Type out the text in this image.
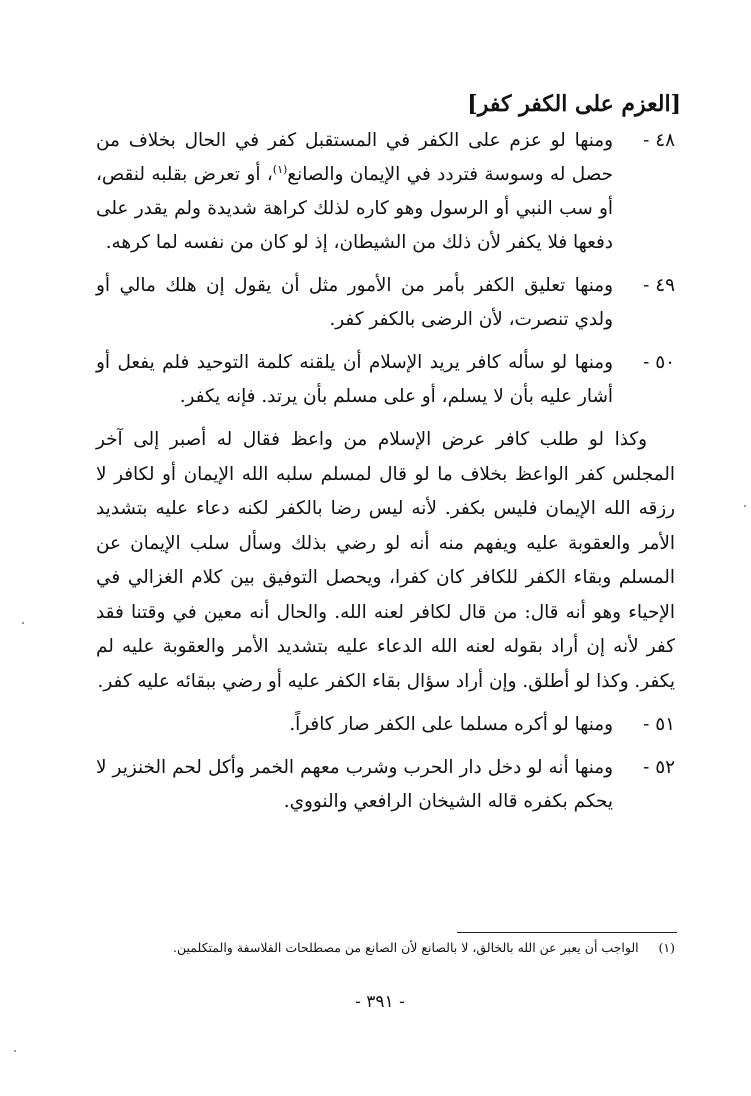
[العزم على الكفر كفر]
٤٨ -
ومنها لو عزم على الكفر في المستقبل كفر في الحال بخلاف من حصل له وسوسة فتردد في الإيمان والصانع$^{(١)}$، أو تعرض بقلبه لنقص، أو سب النبي أو الرسول وهو كاره لذلك كراهة شديدة ولم يقدر على دفعها فلا يكفر لأن ذلك من الشيطان، إذ لو كان من نفسه لما كرهه.
٤٩ -
ومنها تعليق الكفر بأمر من الأمور مثل أن يقول إن هلك مالي أو ولدي تنصرت، لأن الرضى بالكفر كفر.
٥٠ -
ومنها لو سأله كافر يريد الإسلام أن يلقنه كلمة التوحيد فلم يفعل أو أشار عليه بأن لا يسلم، أو على مسلم بأن يرتد. فإنه يكفر.
وكذا لو طلب كافر عرض الإسلام من واعظ فقال له أصبر إلى آخر المجلس كفر الواعظ بخلاف ما لو قال لمسلم سلبه الله الإيمان أو لكافر لا رزقه الله الإيمان فليس بكفر. لأنه ليس رضا بالكفر لكنه دعاء عليه بتشديد الأمر والعقوبة عليه ويفهم منه أنه لو رضي بذلك وسأل سلب الإيمان عن المسلم وبقاء الكفر للكافر كان كفرا، ويحصل التوفيق بين كلام الغزالي في الإحياء وهو أنه قال: من قال لكافر لعنه الله. والحال أنه معين في وقتنا فقد كفر لأنه إن أراد بقوله لعنه الله الدعاء عليه بتشديد الأمر والعقوبة عليه لم يكفر. وكذا لو أطلق. وإن أراد سؤال بقاء الكفر عليه أو رضي ببقائه عليه كفر.
٥١ -
ومنها لو أكره مسلما على الكفر صار كافراً.
٥٢ -
ومنها أنه لو دخل دار الحرب وشرب معهم الخمر وأكل لحم الخنزير لا يحكم بكفره قاله الشيخان الرافعي والنووي.
(١)     الواجب أن يعبر عن الله بالخالق، لا بالصانع لأن الصانع من مصطلحات الفلاسفة والمتكلمين.
- ٣٩١ -
